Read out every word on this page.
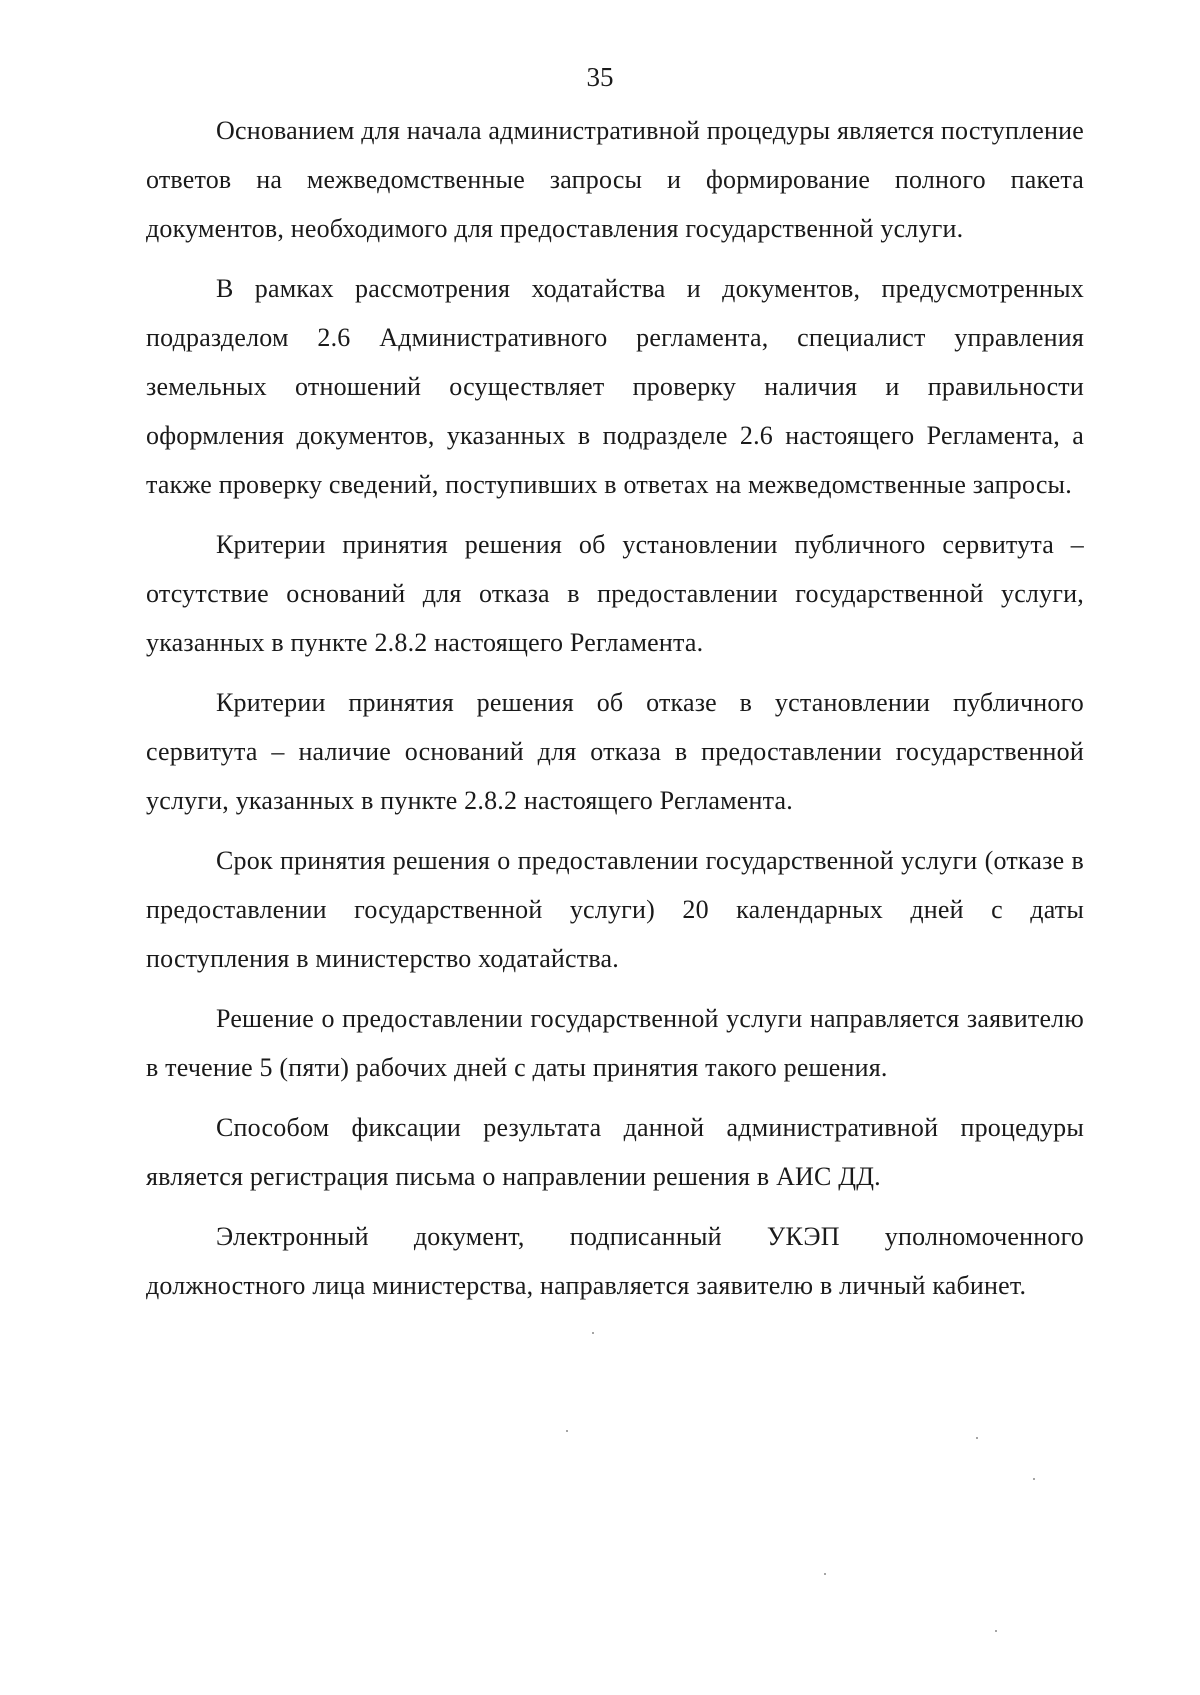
35

Основанием для начала административной процедуры является поступление ответов на межведомственные запросы и формирование полного пакета документов, необходимого для предоставления государственной услуги.

В рамках рассмотрения ходатайства и документов, предусмотренных подразделом 2.6 Административного регламента, специалист управления земельных отношений осуществляет проверку наличия и правильности оформления документов, указанных в подразделе 2.6 настоящего Регламента, а также проверку сведений, поступивших в ответах на межведомственные запросы.

Критерии принятия решения об установлении публичного сервитута – отсутствие оснований для отказа в предоставлении государственной услуги, указанных в пункте 2.8.2 настоящего Регламента.

Критерии принятия решения об отказе в установлении публичного сервитута – наличие оснований для отказа в предоставлении государственной услуги, указанных в пункте 2.8.2 настоящего Регламента.

Срок принятия решения о предоставлении государственной услуги (отказе в предоставлении государственной услуги) 20 календарных дней с даты поступления в министерство ходатайства.

Решение о предоставлении государственной услуги направляется заявителю в течение 5 (пяти) рабочих дней с даты принятия такого решения.

Способом фиксации результата данной административной процедуры является регистрация письма о направлении решения в АИС ДД.

Электронный документ, подписанный УКЭП уполномоченного должностного лица министерства, направляется заявителю в личный кабинет.
